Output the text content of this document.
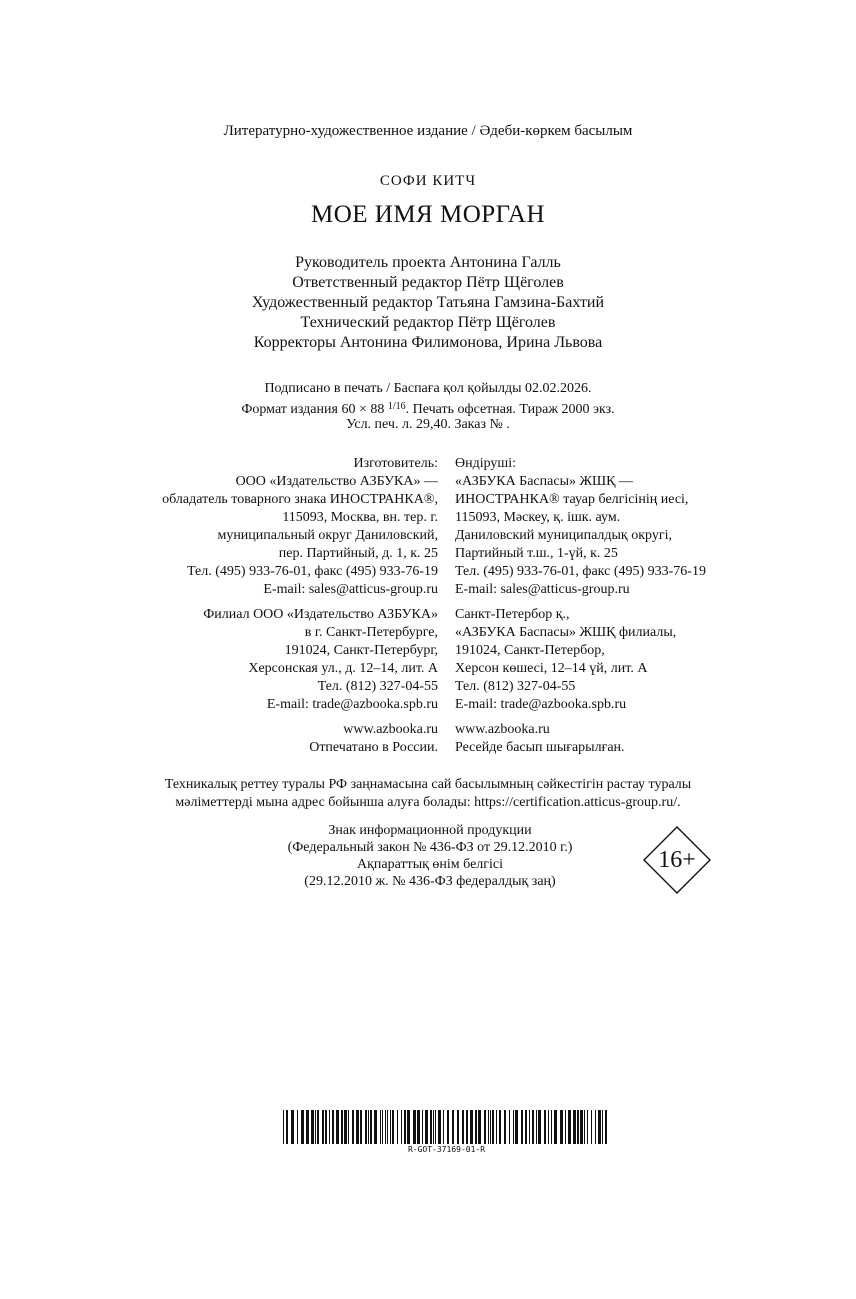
Литературно-художественное издание / Әдеби-көркем басылым
СОФИ КИТЧ
МОЕ ИМЯ МОРГАН
Руководитель проекта Антонина Галль
Ответственный редактор Пётр Щёголев
Художественный редактор Татьяна Гамзина-Бахтий
Технический редактор Пётр Щёголев
Корректоры Антонина Филимонова, Ирина Львова
Подписано в печать / Баспаға қол қойылды 02.02.2026.
Формат издания 60 × 88 $^{1/16}$. Печать офсетная. Тираж 2000 экз.
Усл. печ. л. 29,40. Заказ № .
Изготовитель:
ООО «Издательство АЗБУКА» —
обладатель товарного знака ИНОСТРАНКА®,
115093, Москва, вн. тер. г.
муниципальный округ Даниловский,
пер. Партийный, д. 1, к. 25
Тел. (495) 933-76-01, факс (495) 933-76-19
E-mail: sales@atticus-group.ru
Филиал ООО «Издательство АЗБУКА»
в г. Санкт-Петербурге,
191024, Санкт-Петербург,
Херсонская ул., д. 12–14, лит. А
Тел. (812) 327-04-55
E-mail: trade@azbooka.spb.ru
www.azbooka.ru
Отпечатано в России.
Өндіруші:
«АЗБУКА Баспасы» ЖШҚ —
ИНОСТРАНКА® тауар белгісінің иесі,
115093, Мәскеу, қ. ішк. аум.
Даниловский муниципалдық округі,
Партийный т.ш., 1-үй, к. 25
Тел. (495) 933-76-01, факс (495) 933-76-19
E-mail: sales@atticus-group.ru
Санкт-Петербор қ.,
«АЗБУКА Баспасы» ЖШҚ филиалы,
191024, Санкт-Петербор,
Херсон көшесі, 12–14 үй, лит. А
Тел. (812) 327-04-55
E-mail: trade@azbooka.spb.ru
www.azbooka.ru
Ресейде басып шығарылған.
Техникалық реттеу туралы РФ заңнамасына сай басылымның сәйкестігін растау туралы
мәліметтерді мына адрес бойынша алуға болады: https://certification.atticus-group.ru/.
Знак информационной продукции
(Федеральный закон № 436-ФЗ от 29.12.2010 г.)
Ақпараттық өнім белгісі
(29.12.2010 ж. № 436-ФЗ федералдық заң)
16+
R-GOT-37169-01-R
